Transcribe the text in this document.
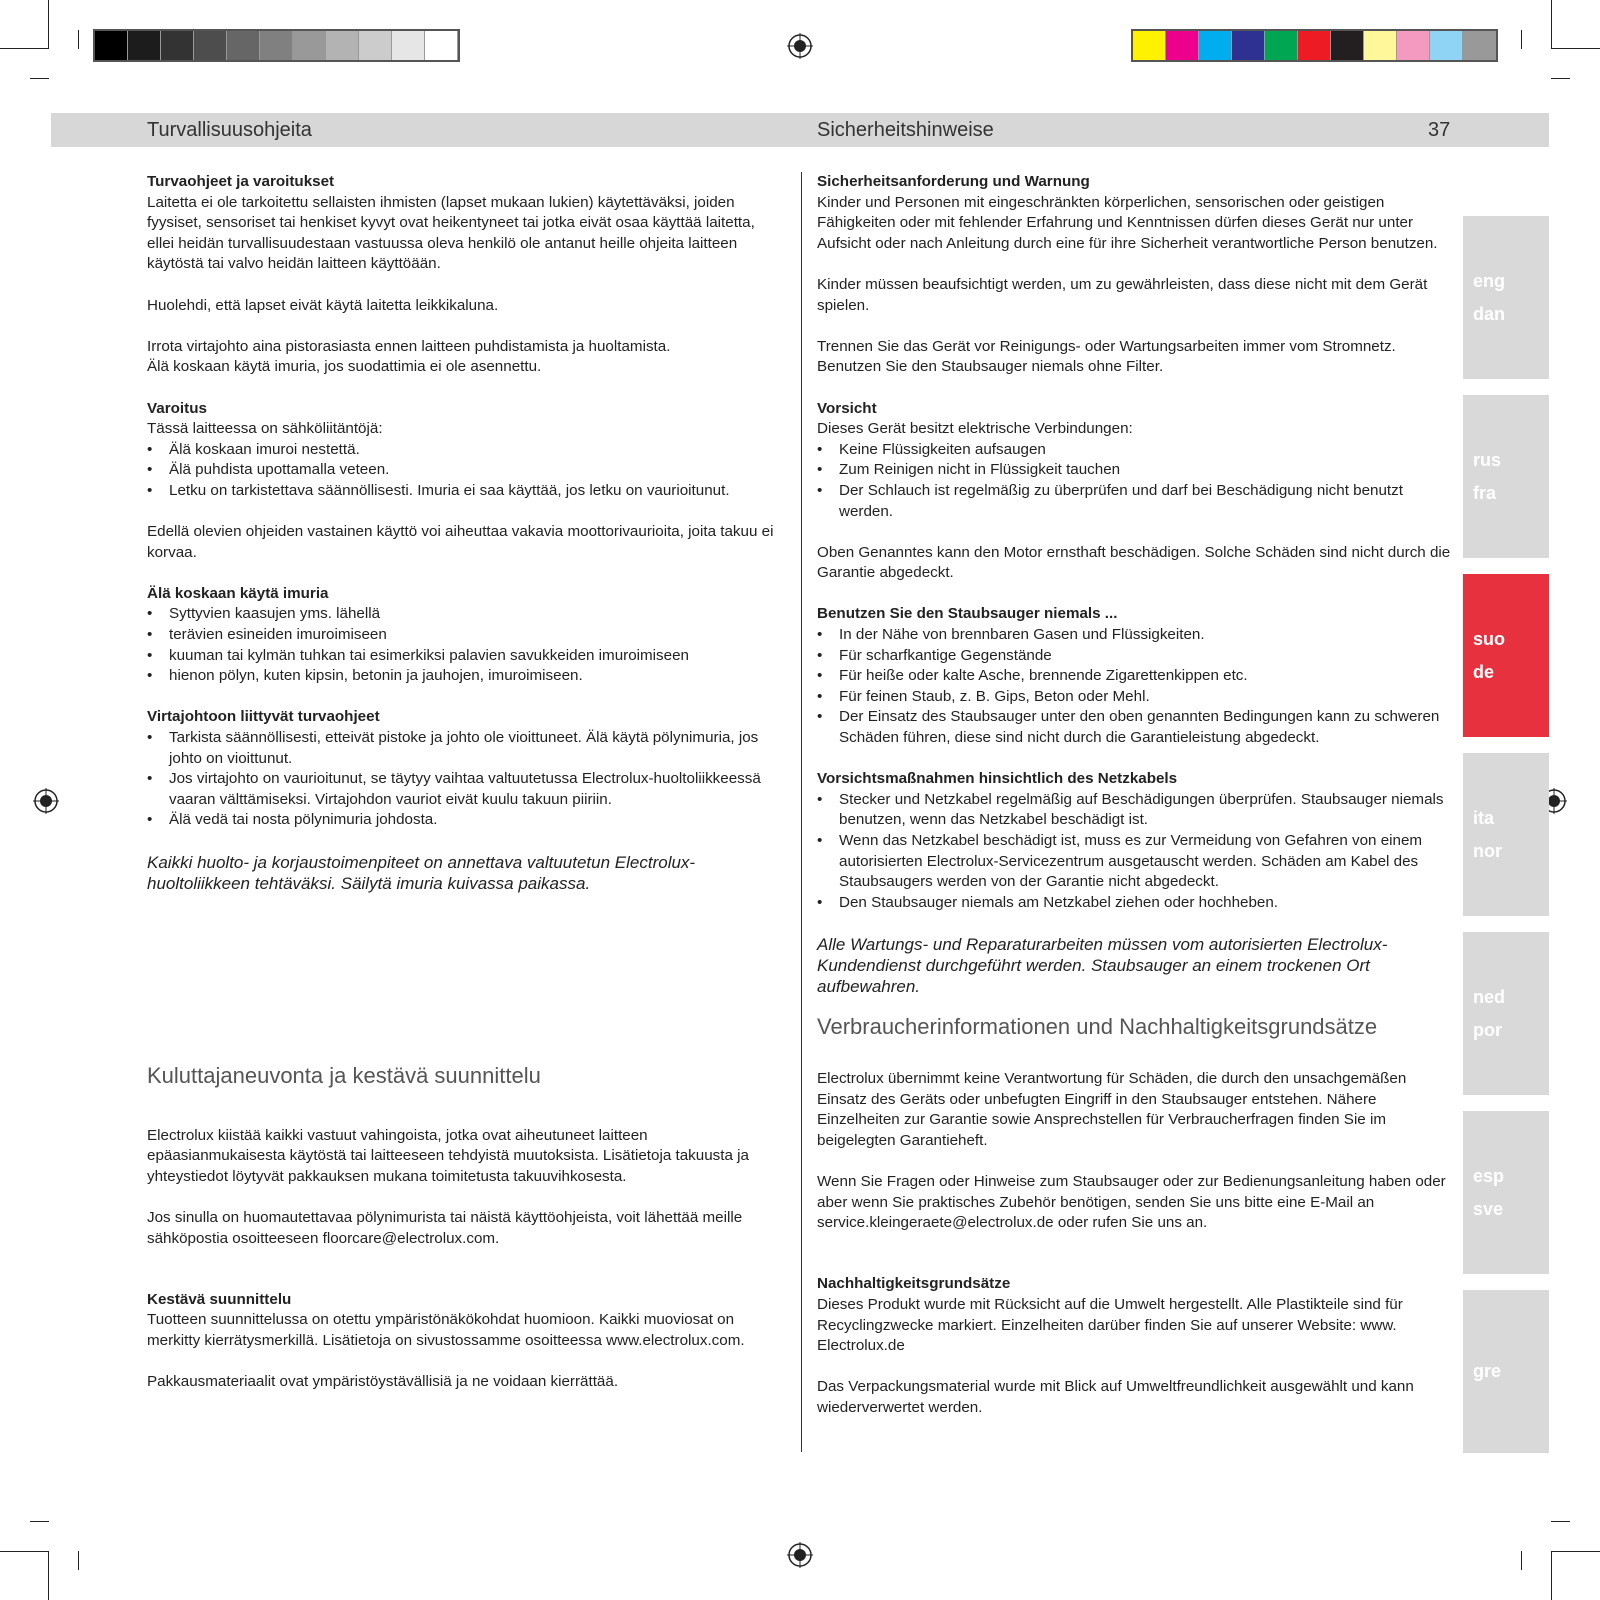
Turvallisuusohjeita	Sicherheitshinweise	37
Turvaohjeet ja varoitukset

Laitetta ei ole tarkoitettu sellaisten ihmisten (lapset mukaan lukien) käytettäväksi, joiden fyysiset, sensoriset tai henkiset kyvyt ovat heikentyneet tai jotka eivät osaa käyttää laitetta, ellei heidän turvallisuudestaan vastuussa oleva henkilö ole antanut heille ohjeita laitteen käytöstä tai valvo heidän laitteen käyttöään.

Huolehdi, että lapset eivät käytä laitetta leikkikaluna.

Irrota virtajohto aina pistorasiasta ennen laitteen puhdistamista ja huoltamista.
Älä koskaan käytä imuria, jos suodattimia ei ole asennettu.

Varoitus
Tässä laitteessa on sähköliitäntöjä:
• Älä koskaan imuroi nestettä.
• Älä puhdista upottamalla veteen.
• Letku on tarkistettava säännöllisesti. Imuria ei saa käyttää, jos letku on vaurioitunut.

Edellä olevien ohjeiden vastainen käyttö voi aiheuttaa vakavia moottorivaurioita, joita takuu ei korvaa.

Älä koskaan käytä imuria
• Syttyvien kaasujen yms. lähellä
• terävien esineiden imuroimiseen
• kuuman tai kylmän tuhkan tai esimerkiksi palavien savukkeiden imuroimiseen
• hienon pölyn, kuten kipsin, betonin ja jauhojen, imuroimiseen.
Virtajohtoon liittyvät turvaohjeet
• Tarkista säännöllisesti, etteivät pistoke ja johto ole vioittuneet. Älä käytä pölynimuria, jos johto on vioittunut.
• Jos virtajohto on vaurioitunut, se täytyy vaihtaa valtuutetussa Electrolux-huoltoliikkeessä vaaran välttämiseksi. Virtajohdon vauriot eivät kuulu takuun piiriin.
• Älä vedä tai nosta pölynimuria johdosta.

Kaikki huolto- ja korjaustoimenpiteet on annettava valtuutetun Electrolux-huoltoliikkeen tehtäväksi. Säilytä imuria kuivassa paikassa.

Kuluttajaneuvonta ja kestävä suunnittelu

Electrolux kiistää kaikki vastuut vahingoista, jotka ovat aiheutuneet laitteen epäasianmukaisesta käytöstä tai laitteeseen tehdyistä muutoksista. Lisätietoja takuusta ja yhteystiedot löytyvät pakkauksen mukana toimitetusta takuuvihkosesta.

Jos sinulla on huomautettavaa pölynimurista tai näistä käyttöohjeista, voit lähettää meille sähköpostia osoitteeseen floorcare@electrolux.com.

Kestävä suunnittelu

Tuotteen suunnittelussa on otettu ympäristönäkökohdat huomioon. Kaikki muoviosat on merkitty kierrätysmerkillä. Lisätietoja on sivustossamme osoitteessa www.electrolux.com.

Pakkausmateriaalit ovat ympäristöystävällisiä ja ne voidaan kierrättää.

Sicherheitsanforderung und Warnung

Kinder und Personen mit eingeschränkten körperlichen, sensorischen oder geistigen Fähigkeiten oder mit fehlender Erfahrung und Kenntnissen dürfen dieses Gerät nur unter Aufsicht oder nach Anleitung durch eine für ihre Sicherheit verantwortliche Person benutzen.

Kinder müssen beaufsichtigt werden, um zu gewährleisten, dass diese nicht mit dem Gerät spielen.

Trennen Sie das Gerät vor Reinigungs- oder Wartungsarbeiten immer vom Stromnetz.
Benutzen Sie den Staubsauger niemals ohne Filter.

Vorsicht
Dieses Gerät besitzt elektrische Verbindungen:
• Keine Flüssigkeiten aufsaugen
• Zum Reinigen nicht in Flüssigkeit tauchen
• Der Schlauch ist regelmäßig zu überprüfen und darf bei Beschädigung nicht benutzt werden.

Oben Genanntes kann den Motor ernsthaft beschädigen. Solche Schäden sind nicht durch die Garantie abgedeckt.

Benutzen Sie den Staubsauger niemals ...
• In der Nähe von brennbaren Gasen und Flüssigkeiten.
• Für scharfkantige Gegenstände
• Für heiße oder kalte Asche, brennende Zigarettenkippen etc.
• Für feinen Staub, z. B. Gips, Beton oder Mehl.
• Der Einsatz des Staubsauger unter den oben genannten Bedingungen kann zu schweren Schäden führen, diese sind nicht durch die Garantieleistung abgedeckt.
Vorsichtsmaßnahmen hinsichtlich des Netzkabels
• Stecker und Netzkabel regelmäßig auf Beschädigungen überprüfen. Staubsauger niemals benutzen, wenn das Netzkabel beschädigt ist.
• Wenn das Netzkabel beschädigt ist, muss es zur Vermeidung von Gefahren von einem autorisierten Electrolux-Servicezentrum ausgetauscht werden. Schäden am Kabel des Staubsaugers werden von der Garantie nicht abgedeckt.
• Den Staubsauger niemals am Netzkabel ziehen oder hochheben.

Alle Wartungs- und Reparaturarbeiten müssen vom autorisierten Electrolux-Kundendienst durchgeführt werden. Staubsauger an einem trockenen Ort aufbewahren.

Verbraucherinformationen und Nachhaltigkeitsgrundsätze

Electrolux übernimmt keine Verantwortung für Schäden, die durch den unsachgemäßen Einsatz des Geräts oder unbefugten Eingriff in den Staubsauger entstehen. Nähere Einzelheiten zur Garantie sowie Ansprechstellen für Verbraucherfragen finden Sie im beigelegten Garantieheft.

Wenn Sie Fragen oder Hinweise zum Staubsauger oder zur Bedienungsanleitung haben oder aber wenn Sie praktisches Zubehör benötigen, senden Sie uns bitte eine E-Mail an service.kleingeraete@electrolux.de oder rufen Sie uns an.

Nachhaltigkeitsgrundsätze

Dieses Produkt wurde mit Rücksicht auf die Umwelt hergestellt. Alle Plastikteile sind für Recyclingzwecke markiert. Einzelheiten darüber finden Sie auf unserer Website: www. Electrolux.de

Das Verpackungsmaterial wurde mit Blick auf Umweltfreundlichkeit ausgewählt und kann wiederverwertet werden.

eng
dan
rus
fra
suo
de
ita
nor
ned
por
esp
sve
gre
